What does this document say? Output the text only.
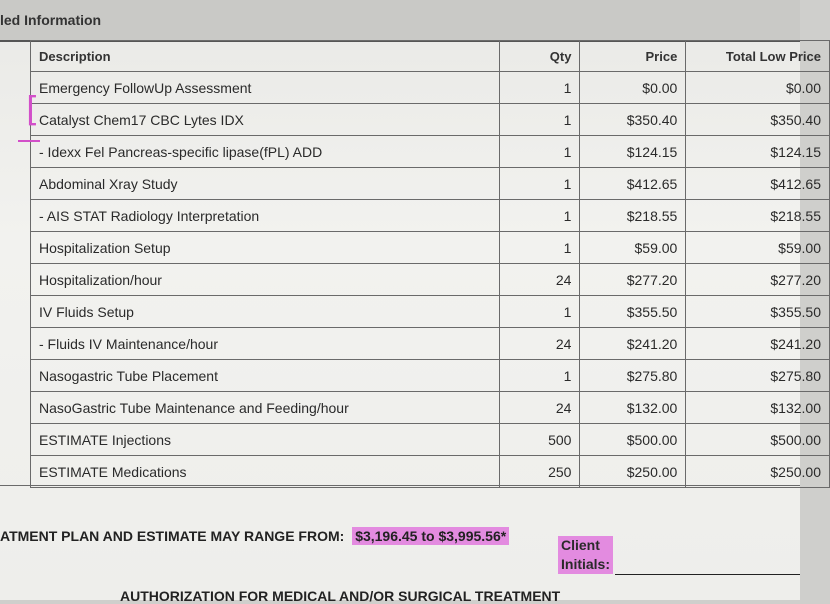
led Information
Description	Qty	Price	Total Low Price
Emergency FollowUp Assessment	1	$0.00	$0.00
Catalyst Chem17 CBC Lytes IDX	1	$350.40	$350.40
- Idexx Fel Pancreas-specific lipase(fPL) ADD	1	$124.15	$124.15
Abdominal Xray Study	1	$412.65	$412.65
- AIS STAT Radiology Interpretation	1	$218.55	$218.55
Hospitalization Setup	1	$59.00	$59.00
Hospitalization/hour	24	$277.20	$277.20
IV Fluids Setup	1	$355.50	$355.50
- Fluids IV Maintenance/hour	24	$241.20	$241.20
Nasogastric Tube Placement	1	$275.80	$275.80
NasoGastric Tube Maintenance and Feeding/hour	24	$132.00	$132.00
ESTIMATE Injections	500	$500.00	$500.00
ESTIMATE Medications	250	$250.00	$250.00
[
ATMENT PLAN AND ESTIMATE MAY RANGE FROM: $3,196.45 to $3,995.56*
Client
Initials:
AUTHORIZATION FOR MEDICAL AND/OR SURGICAL TREATMENT
